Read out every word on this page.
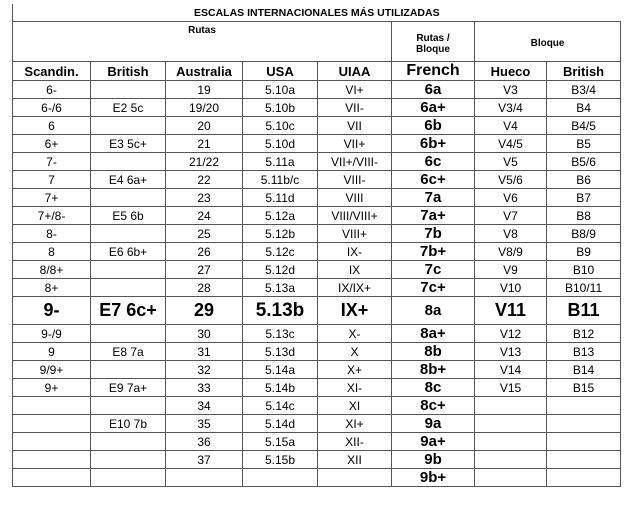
ESCALAS INTERNACIONALES MÁS UTILIZADAS							
Rutas					Rutas /
Bloque	Bloque	
Scandin.	British	Australia	USA	UIAA	French	Hueco	British
6-		19	5.10a	VI+	6a	V3	B3/4
6-/6	E2 5c	19/20	5.10b	VII-	6a+	V3/4	B4
6		20	5.10c	VII	6b	V4	B4/5
6+	E3 5c+	21	5.10d	VII+	6b+	V4/5	B5
7-		21/22	5.11a	VII+/VIII-	6c	V5	B5/6
7	E4 6a+	22	5.11b/c	VIII-	6c+	V5/6	B6
7+		23	5.11d	VIII	7a	V6	B7
7+/8-	E5 6b	24	5.12a	VIII/VIII+	7a+	V7	B8
8-		25	5.12b	VIII+	7b	V8	B8/9
8	E6 6b+	26	5.12c	IX-	7b+	V8/9	B9
8/8+		27	5.12d	IX	7c	V9	B10
8+		28	5.13a	IX/IX+	7c+	V10	B10/11
9-	E7 6c+	29	5.13b	IX+	8a	V11	B11
9-/9		30	5.13c	X-	8a+	V12	B12
9	E8 7a	31	5.13d	X	8b	V13	B13
9/9+		32	5.14a	X+	8b+	V14	B14
9+	E9 7a+	33	5.14b	XI-	8c	V15	B15
		34	5.14c	XI	8c+		
	E10 7b	35	5.14d	XI+	9a		
		36	5.15a	XII-	9a+		
		37	5.15b	XII	9b		
					9b+		
